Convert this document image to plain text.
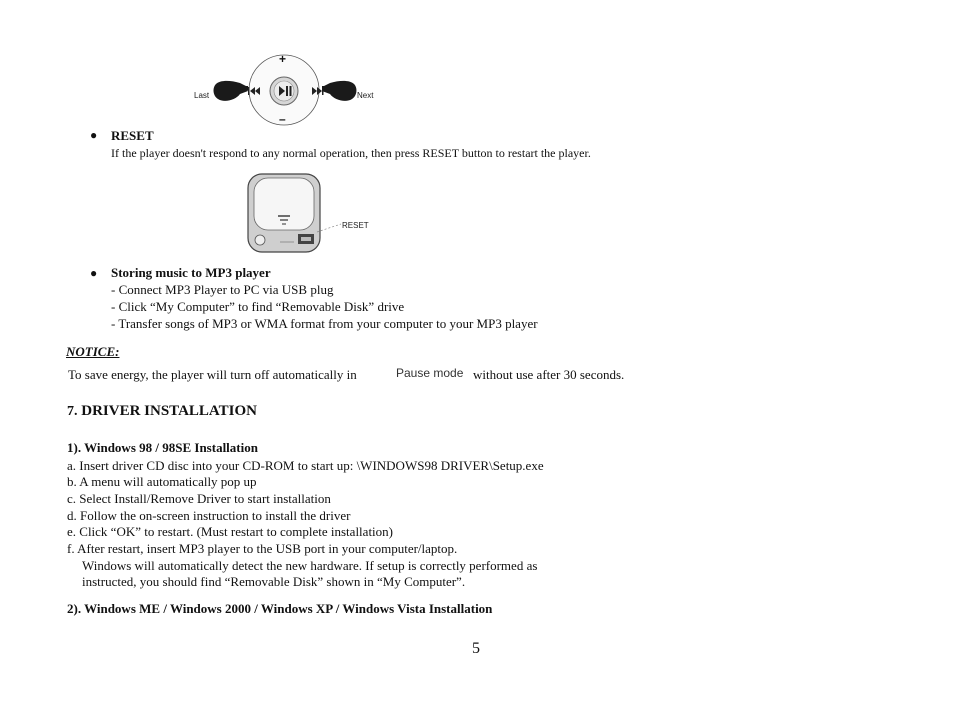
+
–
Last	Next
● RESET
If the player doesn't respond to any normal operation, then press RESET button to restart the player.
RESET
● Storing music to MP3 player
- Connect MP3 Player to PC via USB plug
- Click “My Computer” to find “Removable Disk” drive
- Transfer songs of MP3 or WMA format from your computer to your MP3 player
NOTICE:
To save energy, the player will turn off automatically in	Pause mode without use after 30 seconds.
7. DRIVER INSTALLATION
1). Windows 98 / 98SE Installation
a. Insert driver CD disc into your CD-ROM to start up: \WINDOWS98 DRIVER\Setup.exe
b. A menu will automatically pop up
c. Select Install/Remove Driver to start installation
d. Follow the on-screen instruction to install the driver
e. Click “OK” to restart. (Must restart to complete installation)
f. After restart, insert MP3 player to the USB port in your computer/laptop.
Windows will automatically detect the new hardware. If setup is correctly performed as
instructed, you should find “Removable Disk” shown in “My Computer”.
2). Windows ME / Windows 2000 / Windows XP / Windows Vista Installation
5
